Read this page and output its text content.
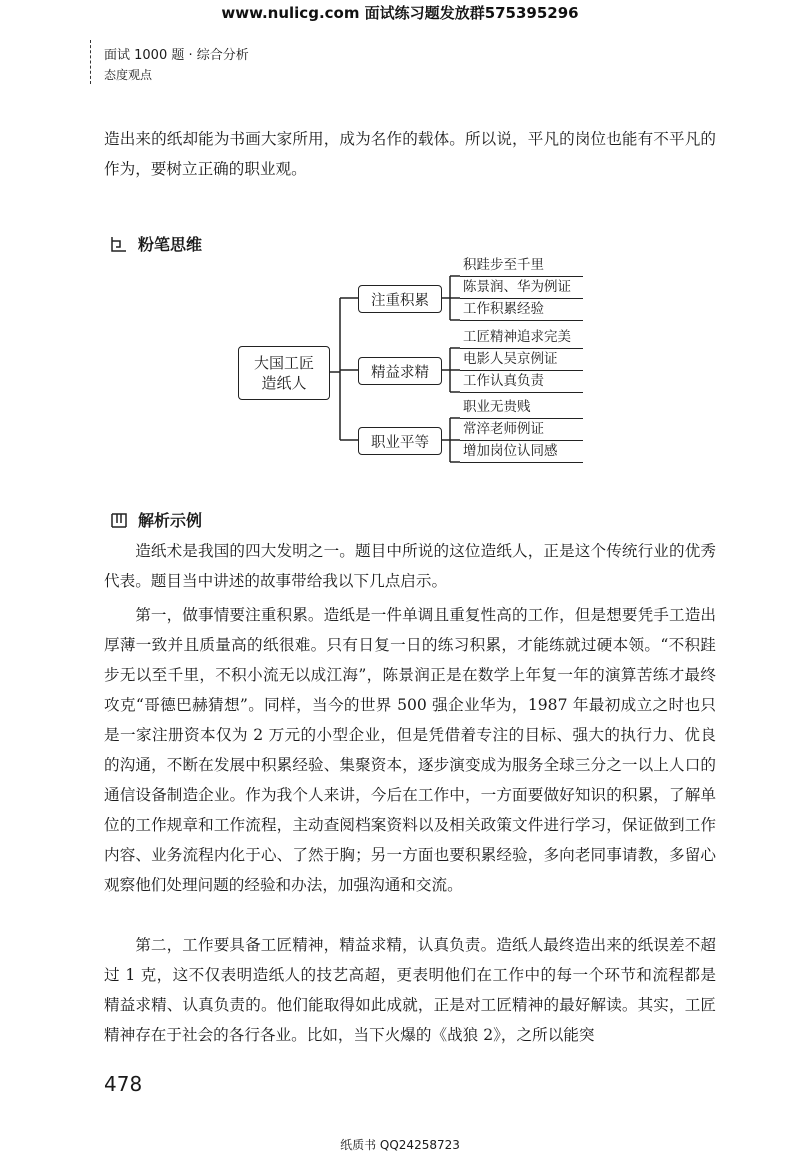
www.nulicg.com 面试练习题发放群575395296
面试 1000 题 · 综合分析
态度观点
造出来的纸却能为书画大家所用，成为名作的载体。所以说，平凡的岗位也能有不平凡的作为，要树立正确的职业观。
粉笔思维
大国工匠
造纸人
注重积累
精益求精
职业平等
积跬步至千里
陈景润、华为例证
工作积累经验
工匠精神追求完美
电影人吴京例证
工作认真负责
职业无贵贱
常淬老师例证
增加岗位认同感
解析示例
造纸术是我国的四大发明之一。题目中所说的这位造纸人，正是这个传统行业的优秀代表。题目当中讲述的故事带给我以下几点启示。
第一，做事情要注重积累。造纸是一件单调且重复性高的工作，但是想要凭手工造出厚薄一致并且质量高的纸很难。只有日复一日的练习积累，才能练就过硬本领。“不积跬步无以至千里，不积小流无以成江海”，陈景润正是在数学上年复一年的演算苦练才最终攻克“哥德巴赫猜想”。同样，当今的世界 500 强企业华为，1987 年最初成立之时也只是一家注册资本仅为 2 万元的小型企业，但是凭借着专注的目标、强大的执行力、优良的沟通，不断在发展中积累经验、集聚资本，逐步演变成为服务全球三分之一以上人口的通信设备制造企业。作为我个人来讲，今后在工作中，一方面要做好知识的积累，了解单位的工作规章和工作流程，主动查阅档案资料以及相关政策文件进行学习，保证做到工作内容、业务流程内化于心、了然于胸；另一方面也要积累经验，多向老同事请教，多留心观察他们处理问题的经验和办法，加强沟通和交流。
第二，工作要具备工匠精神，精益求精，认真负责。造纸人最终造出来的纸误差不超过 1 克，这不仅表明造纸人的技艺高超，更表明他们在工作中的每一个环节和流程都是精益求精、认真负责的。他们能取得如此成就，正是对工匠精神的最好解读。其实，工匠精神存在于社会的各行各业。比如，当下火爆的《战狼 2》，之所以能突
478
纸质书 QQ24258723
